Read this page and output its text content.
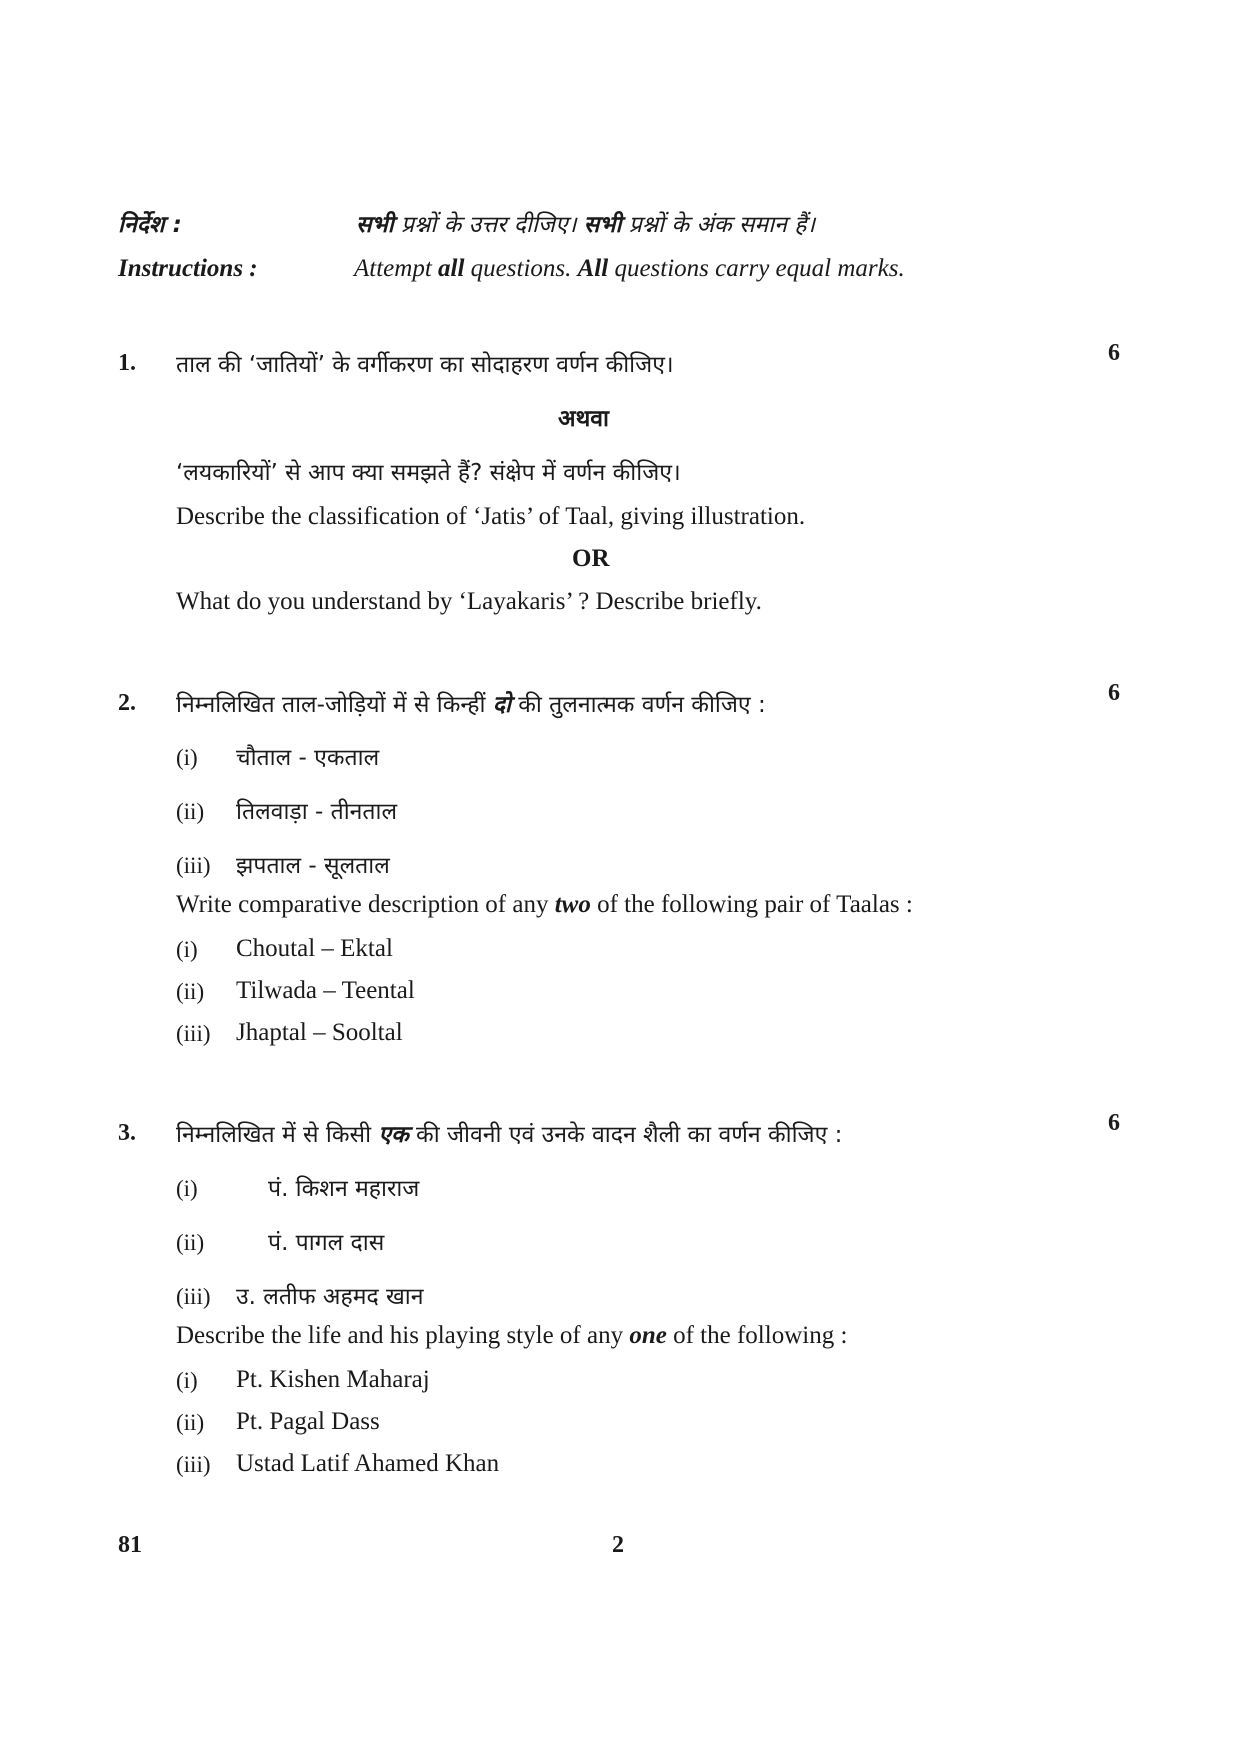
निर्देश :	सभी प्रश्नों के उत्तर दीजिए। सभी प्रश्नों के अंक समान हैं।
Instructions :	Attempt all questions. All questions carry equal marks.
1.	6
ताल की ‘जातियों’ के वर्गीकरण का सोदाहरण वर्णन कीजिए।
अथवा
‘लयकारियों’ से आप क्या समझते हैं? संक्षेप में वर्णन कीजिए।
Describe the classification of ‘Jatis’ of Taal, giving illustration.
OR
What do you understand by ‘Layakaris’ ? Describe briefly.
2.	6
निम्नलिखित ताल-जोड़ियों में से किन्हीं दो की तुलनात्मक वर्णन कीजिए :
(i) चौताल - एकताल
(ii) तिलवाड़ा - तीनताल
(iii) झपताल - सूलताल
Write comparative description of any two of the following pair of Taalas :
(i) Choutal – Ektal
(ii) Tilwada – Teental
(iii) Jhaptal – Sooltal
3.	6
निम्नलिखित में से किसी एक की जीवनी एवं उनके वादन शैली का वर्णन कीजिए :
(i)	पं. किशन महाराज
(ii)	पं. पागल दास
(iii) उ. लतीफ अहमद खान
Describe the life and his playing style of any one of the following :
(i) Pt. Kishen Maharaj
(ii) Pt. Pagal Dass
(iii) Ustad Latif Ahamed Khan
81	2
